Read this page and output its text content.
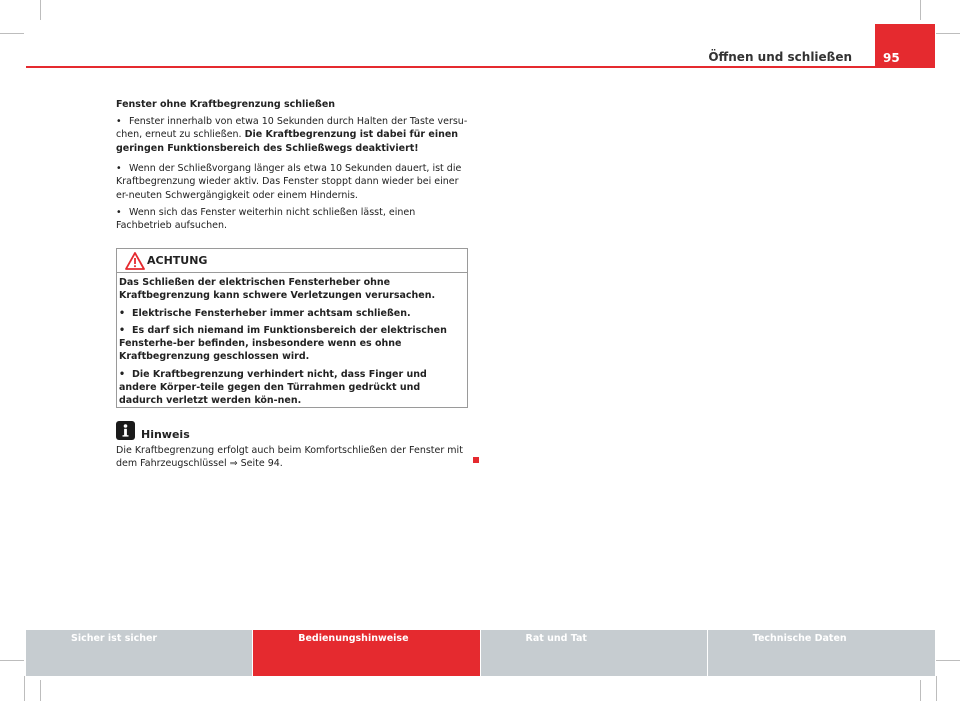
Öffnen und schließen	95
Fenster ohne Kraftbegrenzung schließen
• Fenster innerhalb von etwa 10 Sekunden durch Halten der Taste versu-chen, erneut zu schließen. Die Kraftbegrenzung ist dabei für einen geringen Funktionsbereich des Schließwegs deaktiviert!
• Wenn der Schließvorgang länger als etwa 10 Sekunden dauert, ist die Kraftbegrenzung wieder aktiv. Das Fenster stoppt dann wieder bei einer er-neuten Schwergängigkeit oder einem Hindernis.
• Wenn sich das Fenster weiterhin nicht schließen lässt, einen Fachbetrieb aufsuchen.
ACHTUNG

Das Schließen der elektrischen Fensterheber ohne Kraftbegrenzung kann schwere Verletzungen verursachen.

• Elektrische Fensterheber immer achtsam schließen.

• Es darf sich niemand im Funktionsbereich der elektrischen Fensterhe-ber befinden, insbesondere wenn es ohne Kraftbegrenzung geschlossen wird.

• Die Kraftbegrenzung verhindert nicht, dass Finger und andere Körper-teile gegen den Türrahmen gedrückt und dadurch verletzt werden kön-nen.

Hinweis
Die Kraftbegrenzung erfolgt auch beim Komfortschließen der Fenster mit dem Fahrzeugschlüssel ⇒ Seite 94.
Sicher ist sicher	Bedienungshinweise	Rat und Tat	Technische Daten
